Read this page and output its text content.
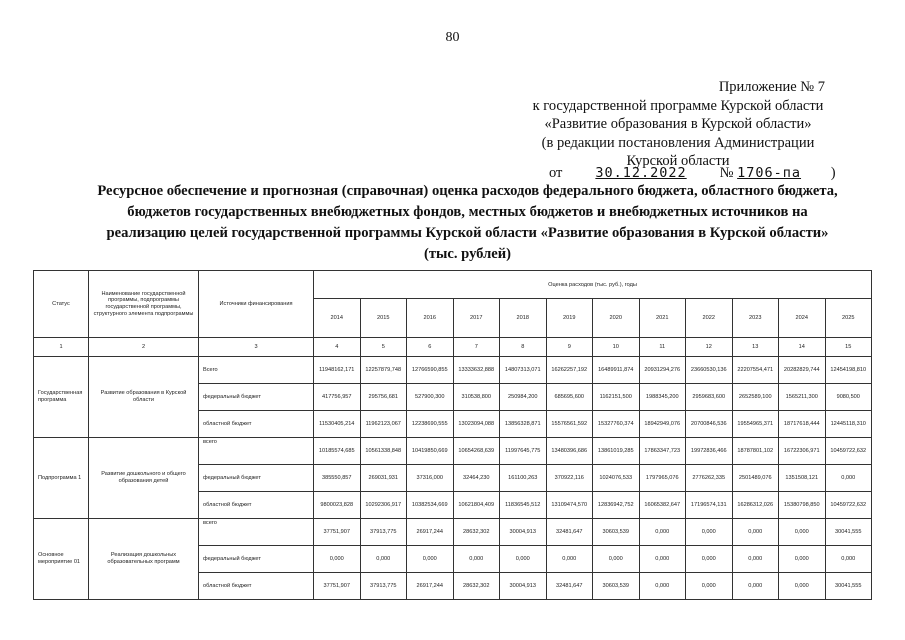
80
Приложение № 7
к государственной программе Курской области
«Развитие образования в Курской области»
(в редакции постановления Администрации
Курской области
от 30.12.2022 № 1706-па )
Ресурсное обеспечение и прогнозная (справочная) оценка расходов федерального бюджета, областного бюджета, бюджетов государственных внебюджетных фондов, местных бюджетов и внебюджетных источников на реализацию целей государственной программы Курской области «Развитие образования в Курской области» (тыс. рублей)
Статус	Наименование государственной программы, подпрограммы государственной программы, структурного элемента подпрограммы	Источники финансирования	Оценка расходов (тыс. руб.), годы											
			2014	2015	2016	2017	2018	2019	2020	2021	2022	2023	2024	2025
1	2	3	4	5	6	7	8	9	10	11	12	13	14	15
Государственная программа	Развитие образования в Курской области	Всего	11948162,171	12257879,748	12766590,855	13333632,888	14807313,071	16262257,192	16489911,874	20931294,276	23660530,136	22207554,471	20282829,744	12454198,810
		федеральный бюджет	417756,957	295756,681	527900,300	310538,800	250984,200	685695,600	1162151,500	1988345,200	2959683,600	2652589,100	1565211,300	9080,500
		областной бюджет	11530405,214	11962123,067	12238690,555	13023094,088	13856328,871	15576561,592	15327760,374	18942949,076	20700846,536	19554965,371	18717618,444	12445118,310
Подпрограмма 1	Развитие дошкольного и общего образования детей	всего	10185574,685	10561338,848	10419850,669	10654268,639	11997645,775	13480396,686	13861019,285	17863347,723	19972836,466	18787801,102	16722306,971	10459722,632
		федеральный бюджет	385550,857	269031,931	37316,000	32464,230	161100,263	370922,116	1024076,533	1797965,076	2776262,335	2501489,076	1351508,121	0,000
		областной бюджет	9800023,828	10292306,917	10382534,669	10621804,409	11836545,512	13109474,570	12836942,752	16065382,647	17196574,131	16286312,026	15380798,850	10459722,632
Основное мероприятие 01	Реализация дошкольных образовательных программ	всего	37751,907	37913,775	26917,244	28632,302	30004,913	32481,647	30603,539	0,000	0,000	0,000	0,000	30041,555
		федеральный бюджет	0,000	0,000	0,000	0,000	0,000	0,000	0,000	0,000	0,000	0,000	0,000	0,000
		областной бюджет	37751,907	37913,775	26917,244	28632,302	30004,913	32481,647	30603,539	0,000	0,000	0,000	0,000	30041,555
